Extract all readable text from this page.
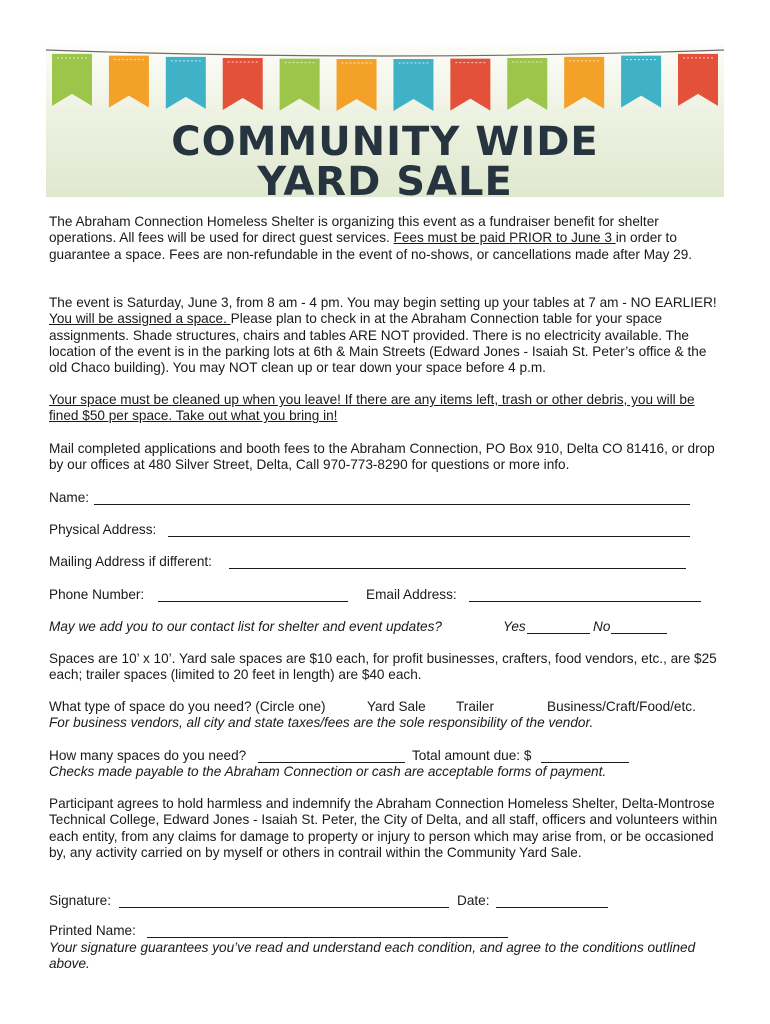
COMMUNITY WIDE
YARD SALE
The Abraham Connection Homeless Shelter is organizing this event as a fundraiser benefit for shelter operations. All fees will be used for direct guest services. Fees must be paid PRIOR to June 3 in order to guarantee a space. Fees are non-refundable in the event of no-shows, or cancellations made after May 29.
The event is Saturday, June 3, from 8 am - 4 pm. You may begin setting up your tables at 7 am - NO EARLIER! You will be assigned a space. Please plan to check in at the Abraham Connection table for your space assignments. Shade structures, chairs and tables ARE NOT provided. There is no electricity available. The location of the event is in the parking lots at 6th & Main Streets (Edward Jones - Isaiah St. Peter’s office & the old Chaco building). You may NOT clean up or tear down your space before 4 p.m.
Your space must be cleaned up when you leave! If there are any items left, trash or other debris, you will be fined $50 per space. Take out what you bring in!
Mail completed applications and booth fees to the Abraham Connection, PO Box 910, Delta CO 81416, or drop by our offices at 480 Silver Street, Delta, Call 970-773-8290 for questions or more info.
Name:
Physical Address:
Mailing Address if different:
Phone Number:	Email Address:
May we add you to our contact list for shelter and event updates?	Yes	No
Spaces are 10’ x 10’. Yard sale spaces are $10 each, for profit businesses, crafters, food vendors, etc., are $25 each; trailer spaces (limited to 20 feet in length) are $40 each.
What type of space do you need? (Circle one)	Yard Sale Trailer	Business/Craft/Food/etc.
For business vendors, all city and state taxes/fees are the sole responsibility of the vendor.
How many spaces do you need?	Total amount due: $
Checks made payable to the Abraham Connection or cash are acceptable forms of payment.
Participant agrees to hold harmless and indemnify the Abraham Connection Homeless Shelter, Delta-Montrose Technical College, Edward Jones - Isaiah St. Peter, the City of Delta, and all staff, officers and volunteers within each entity, from any claims for damage to property or injury to person which may arise from, or be occasioned by, any activity carried on by myself or others in contrail within the Community Yard Sale.
Signature:	Date:
Printed Name:
Your signature guarantees you’ve read and understand each condition, and agree to the conditions outlined above.
